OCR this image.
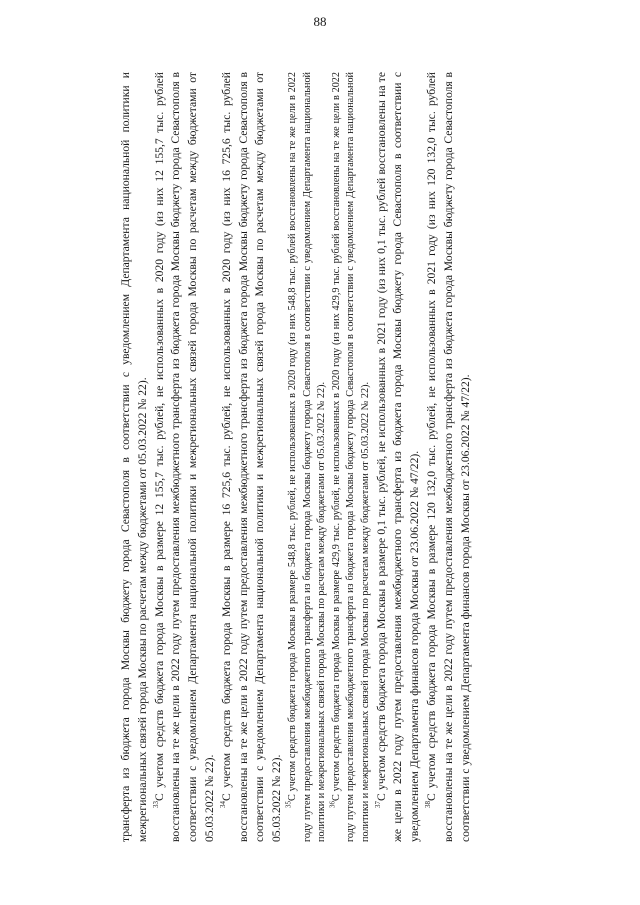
88

трансферта из бюджета города Москвы бюджету города Севастополя в соответствии с уведомлением Департамента национальной политики и межрегиональных связей города Москвы по расчетам между бюджетами от 05.03.2022 № 22). $^{33}$С учетом средств бюджета города Москвы в размере 12 155,7 тыс. рублей, не использованных в 2020 году (из них 12 155,7 тыс. рублей восстановлены на те же цели в 2022 году путем предоставления межбюджетного трансферта из бюджета города Москвы бюджету города Севастополя в соответствии с уведомлением Департамента национальной политики и межрегиональных связей города Москвы по расчетам между бюджетами от 05.03.2022 № 22). $^{34}$С учетом средств бюджета города Москвы в размере 16 725,6 тыс. рублей, не использованных в 2020 году (из них 16 725,6 тыс. рублей восстановлены на те же цели в 2022 году путем предоставления межбюджетного трансферта из бюджета города Москвы бюджету города Севастополя в соответствии с уведомлением Департамента национальной политики и межрегиональных связей города Москвы по расчетам между бюджетами от 05.03.2022 № 22). $^{35}$С учетом средств бюджета города Москвы в размере 548,8 тыс. рублей, не использованных в 2020 году (из них 548,8 тыс. рублей восстановлены на те же цели в 2022 году путем предоставления межбюджетного трансферта из бюджета города Москвы бюджету города Севастополя в соответствии с уведомлением Департамента национальной политики и межрегиональных связей города Москвы по расчетам между бюджетами от 05.03.2022 № 22). $^{36}$С учетом средств бюджета города Москвы в размере 429,9 тыс. рублей, не использованных в 2020 году (из них 429,9 тыс. рублей восстановлены на те же цели в 2022 году путем предоставления межбюджетного трансферта из бюджета города Москвы бюджету города Севастополя в соответствии с уведомлением Департамента национальной политики и межрегиональных связей города Москвы по расчетам между бюджетами от 05.03.2022 № 22). $^{37}$С учетом средств бюджета города Москвы в размере 0,1 тыс. рублей, не использованных в 2021 году (из них 0,1 тыс. рублей восстановлены на те же цели в 2022 году путем предоставления межбюджетного трансферта из бюджета города Москвы бюджету города Севастополя в соответствии с уведомлением Департамента финансов города Москвы от 23.06.2022 № 47/22). $^{38}$С учетом средств бюджета города Москвы в размере 120 132,0 тыс. рублей, не использованных в 2021 году (из них 120 132,0 тыс. рублей восстановлены на те же цели в 2022 году путем предоставления межбюджетного трансферта из бюджета города Москвы бюджету города Севастополя в соответствии с уведомлением Департамента финансов города Москвы от 23.06.2022 № 47/22).
